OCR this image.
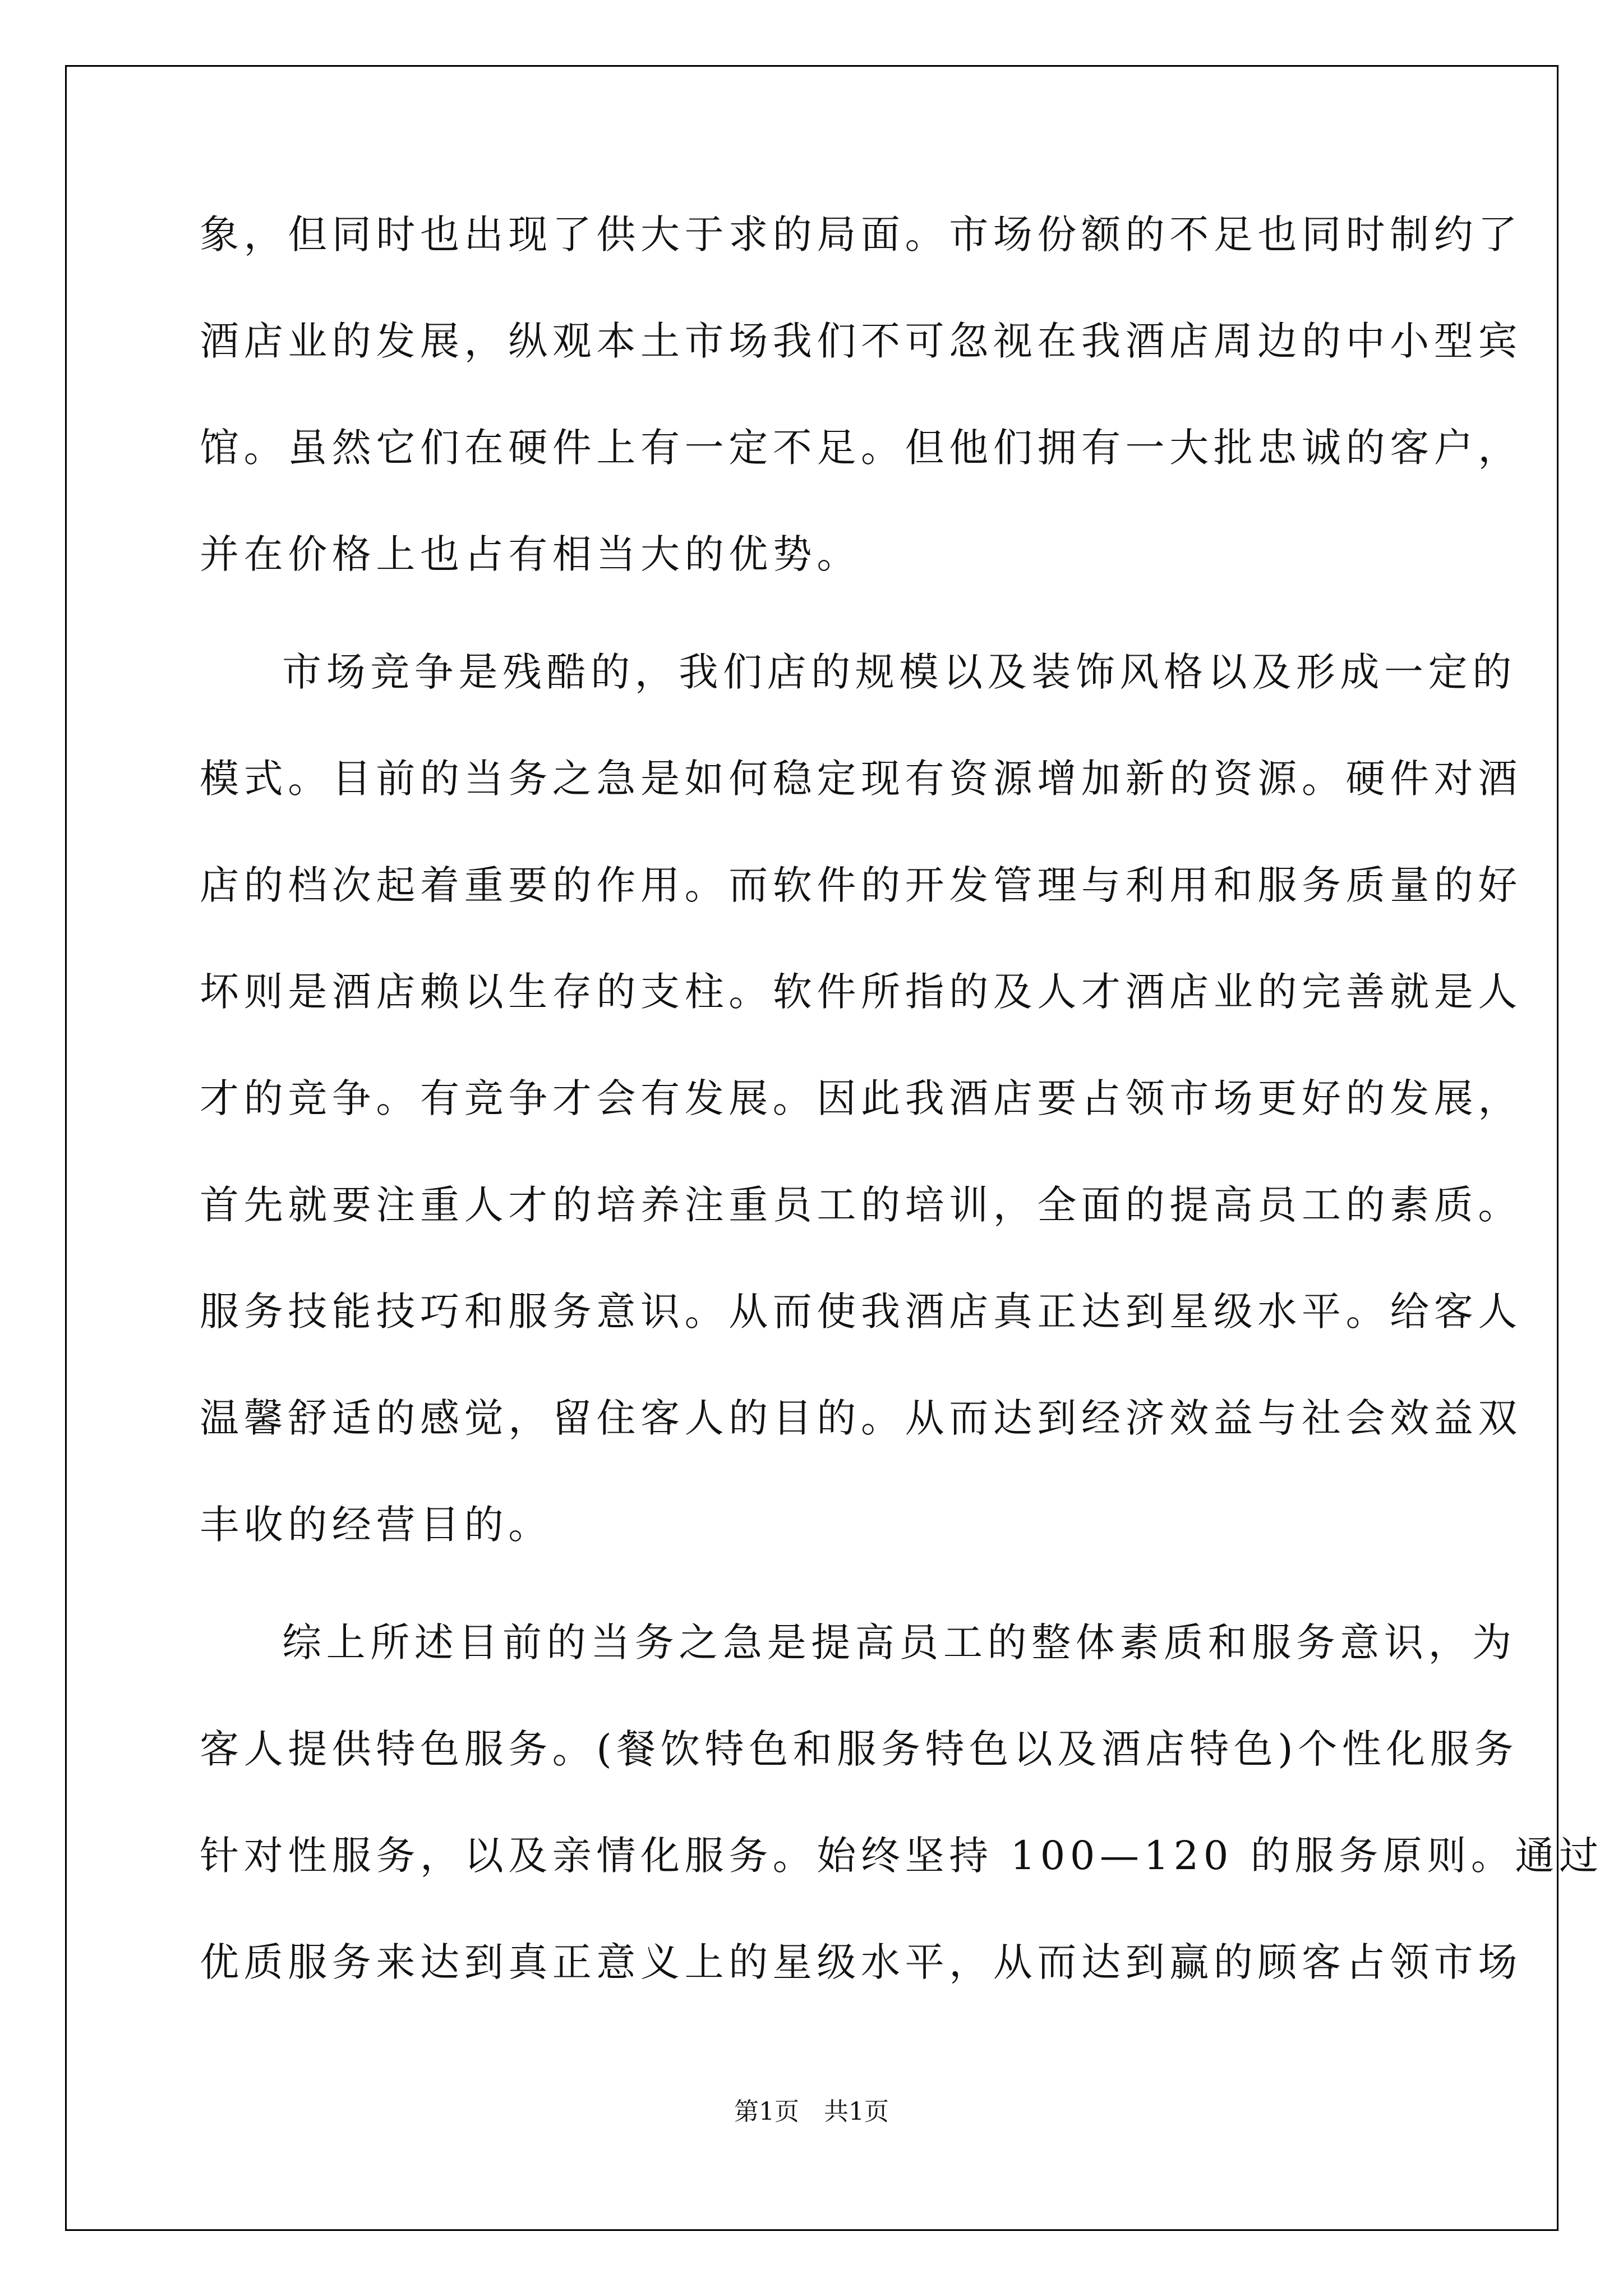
象，但同时也出现了供大于求的局面。市场份额的不足也同时制约了
酒店业的发展，纵观本土市场我们不可忽视在我酒店周边的中小型宾
馆。虽然它们在硬件上有一定不足。但他们拥有一大批忠诚的客户，
并在价格上也占有相当大的优势。
市场竞争是残酷的，我们店的规模以及装饰风格以及形成一定的
模式。目前的当务之急是如何稳定现有资源增加新的资源。硬件对酒
店的档次起着重要的作用。而软件的开发管理与利用和服务质量的好
坏则是酒店赖以生存的支柱。软件所指的及人才酒店业的完善就是人
才的竞争。有竞争才会有发展。因此我酒店要占领市场更好的发展，
首先就要注重人才的培养注重员工的培训，全面的提高员工的素质。
服务技能技巧和服务意识。从而使我酒店真正达到星级水平。给客人
温馨舒适的感觉，留住客人的目的。从而达到经济效益与社会效益双
丰收的经营目的。
综上所述目前的当务之急是提高员工的整体素质和服务意识，为
客人提供特色服务。(餐饮特色和服务特色以及酒店特色)个性化服务
针对性服务，以及亲情化服务。始终坚持 100—120 的服务原则。通过
优质服务来达到真正意义上的星级水平，从而达到赢的顾客占领市场
第1页　共1页
